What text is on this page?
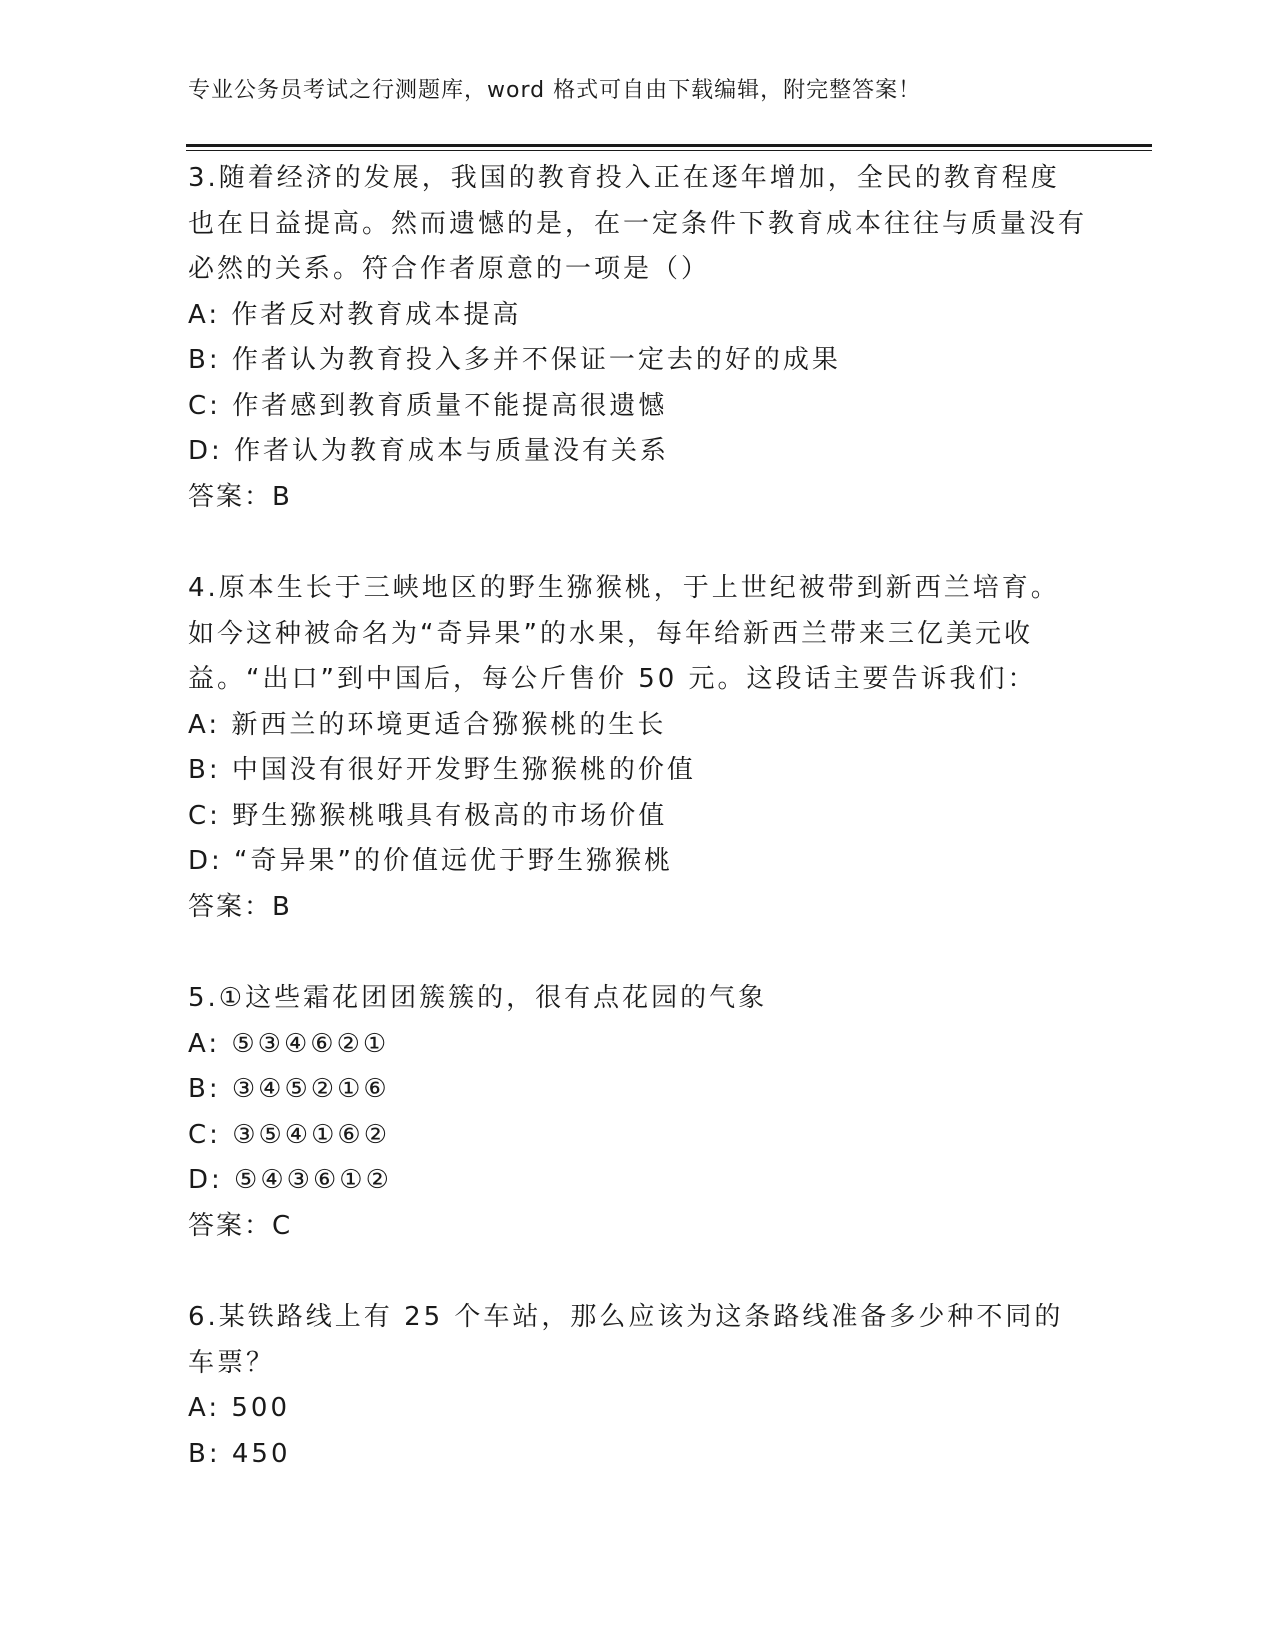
专业公务员考试之行测题库，word 格式可自由下载编辑，附完整答案！

3.随着经济的发展，我国的教育投入正在逐年增加，全民的教育程度也在日益提高。然而遗憾的是，在一定条件下教育成本往往与质量没有必然的关系。符合作者原意的一项是（）

A: 作者反对教育成本提高

B: 作者认为教育投入多并不保证一定去的好的成果

C: 作者感到教育质量不能提高很遗憾

D: 作者认为教育成本与质量没有关系

答案：B

4.原本生长于三峡地区的野生猕猴桃，于上世纪被带到新西兰培育。如今这种被命名为“奇异果”的水果，每年给新西兰带来三亿美元收益。“出口”到中国后，每公斤售价 50 元。这段话主要告诉我们：

A: 新西兰的环境更适合猕猴桃的生长

B: 中国没有很好开发野生猕猴桃的价值

C: 野生猕猴桃哦具有极高的市场价值

D: “奇异果”的价值远优于野生猕猴桃

答案：B

5.①这些霜花团团簇簇的，很有点花园的气象

A: ⑤③④⑥②①

B: ③④⑤②①⑥

C: ③⑤④①⑥②

D: ⑤④③⑥①②

答案：C

6.某铁路线上有 25 个车站，那么应该为这条路线准备多少种不同的车票？

A: 500

B: 450
